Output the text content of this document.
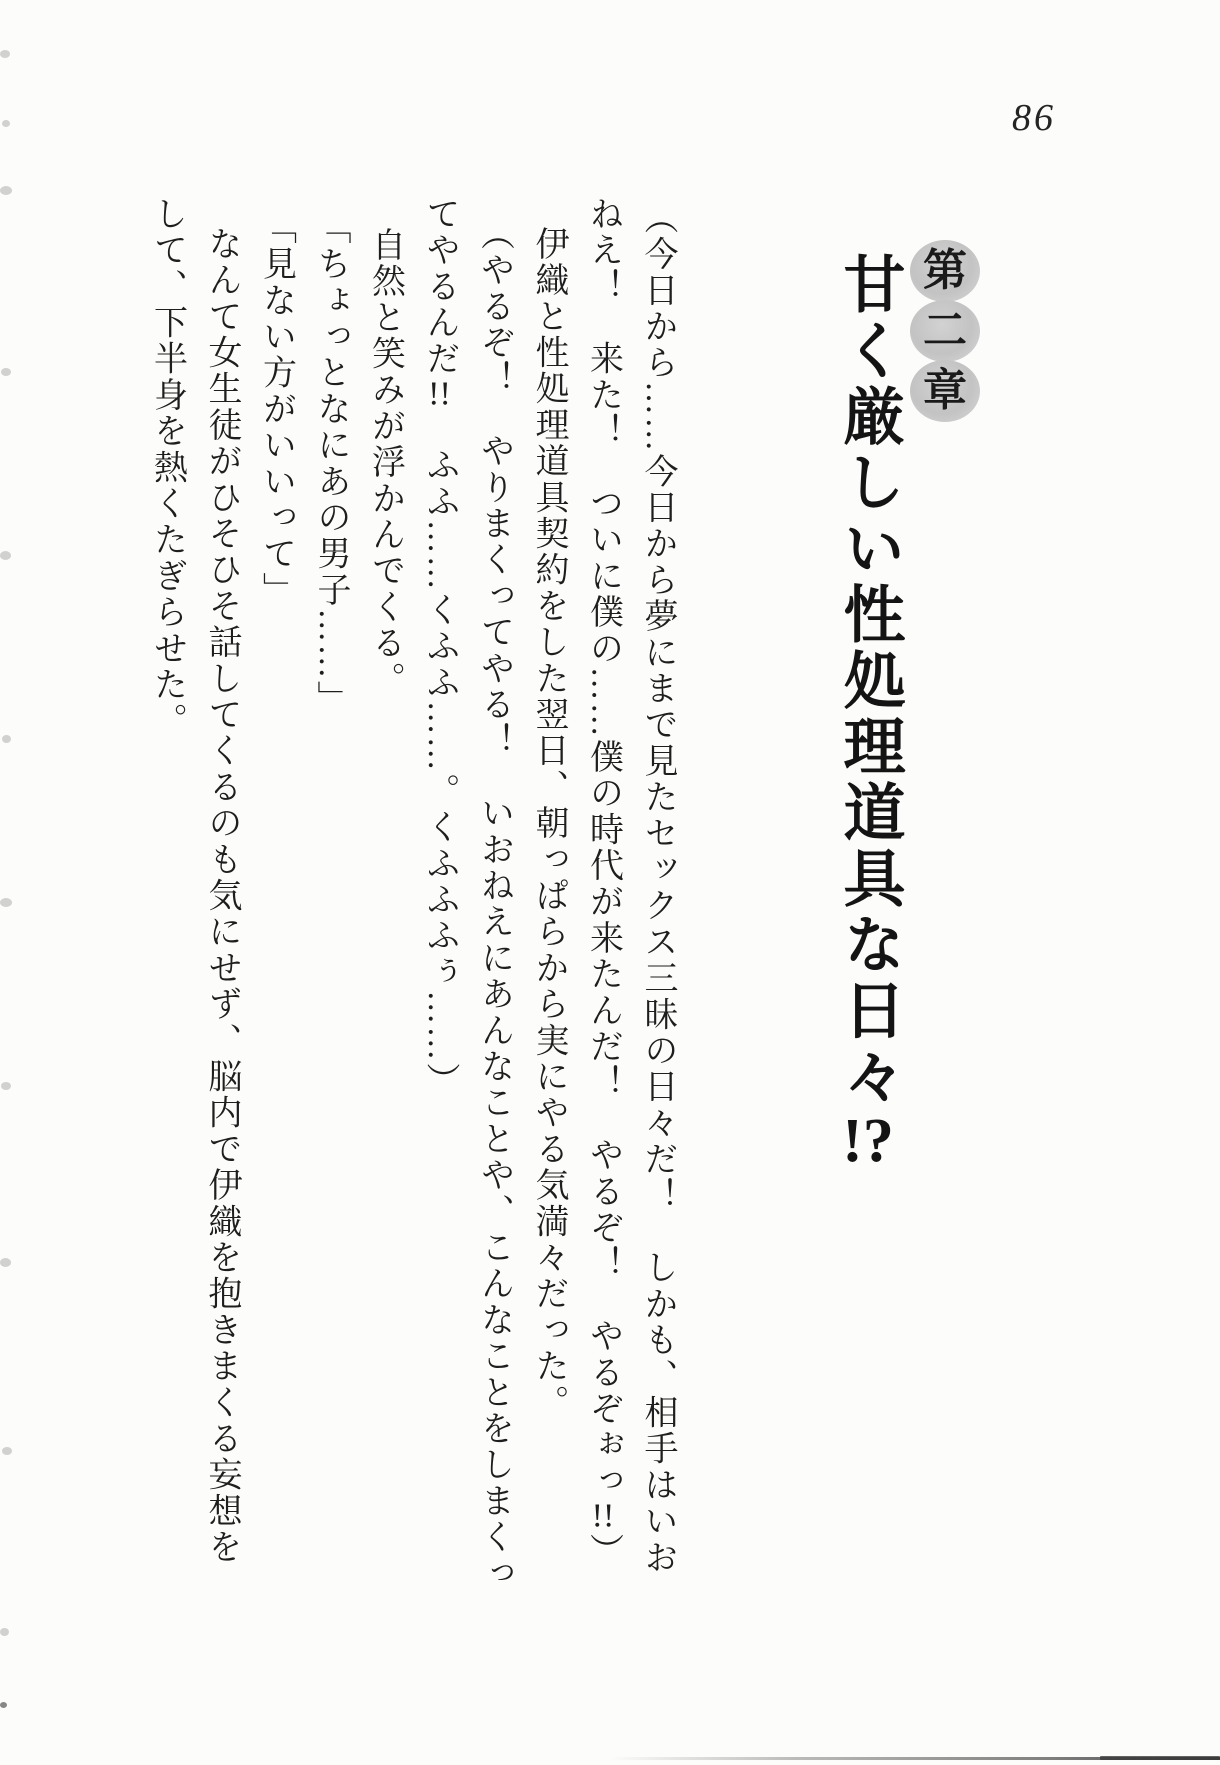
86
第
二
章
甘く厳しい性処理道具な日々!?

（今日から……今日から夢にまで見たセックス三昧の日々だ！　しかも、相手はいお

ねえ！　来た！　ついに僕の……僕の時代が来たんだ！　やるぞ！　やるぞぉっ!!）

伊織と性処理道具契約をした翌日、朝っぱらから実にやる気満々だった。

（やるぞ！　やりまくってやる！　いおねえにあんなことや、こんなことをしまくっ

てやるんだ!!　ふふ……くふふ……。くふふふぅ……）

自然と笑みが浮かんでくる。

「ちょっとなにあの男子……」

「見ない方がいいって」

なんて女生徒がひそひそ話してくるのも気にせず、脳内で伊織を抱きまくる妄想を

して、下半身を熱くたぎらせた。
